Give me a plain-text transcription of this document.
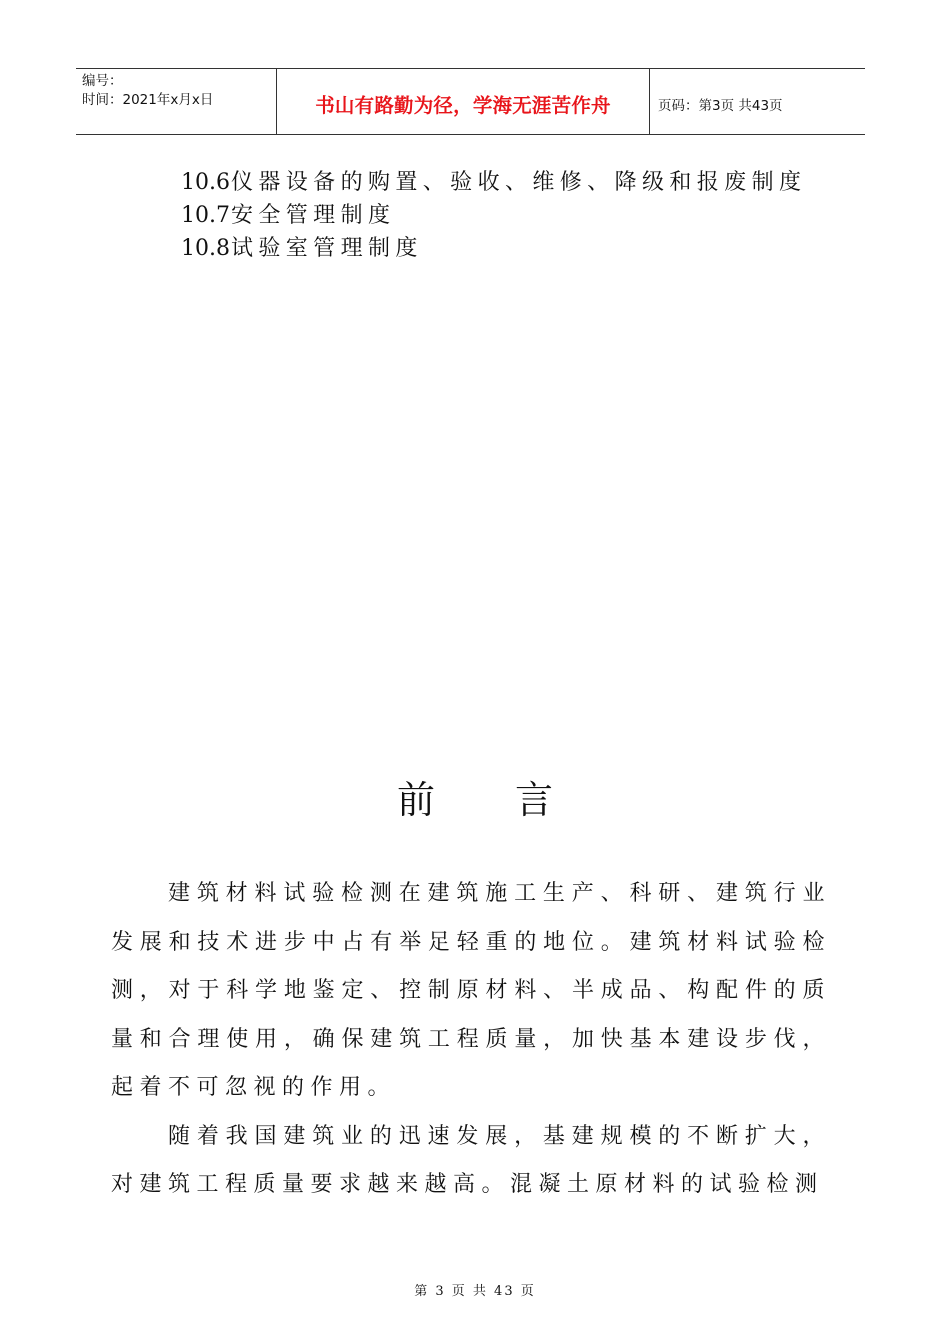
编号：
时间：2021年x月x日	书山有路勤为径，学海无涯苦作舟	页码：第3页 共43页
10.6仪器设备的购置、验收、维修、降级和报废制度
10.7安全管理制度
10.8试验室管理制度
前言

建筑材料试验检测在建筑施工生产、科研、建筑行业发展和技术进步中占有举足轻重的地位。建筑材料试验检测，对于科学地鉴定、控制原材料、半成品、构配件的质量和合理使用，确保建筑工程质量，加快基本建设步伐，起着不可忽视的作用。

随着我国建筑业的迅速发展，基建规模的不断扩大，对建筑工程质量要求越来越高。混凝土原材料的试验检测

第 3 页 共 43 页
